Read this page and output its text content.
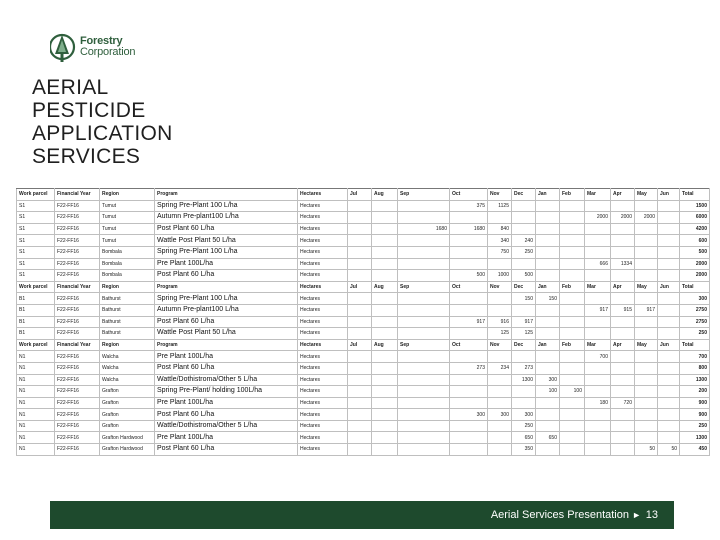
Forestry
Corporation
AERIAL
PESTICIDE
APPLICATION
SERVICES
Work parcel	Financial Year	Region	Program	Hectares	Jul	Aug	Sep	Oct	Nov	Dec	Jan	Feb	Mar	Apr	May	Jun	Total
S1	F22-FF16	Tumut	Spring Pre-Plant 100 L/ha	Hectares				375	1125								1500
S1	F22-FF16	Tumut	Autumn Pre-plant100 L/ha	Hectares									2000	2000	2000		6000
S1	F22-FF16	Tumut	Post Plant 60 L/ha	Hectares			1680	1680	840								4200
S1	F22-FF16	Tumut	Wattle Post Plant 50 L/ha	Hectares					340	240							600
S1	F22-FF16	Bombala	Spring Pre-Plant 100 L/ha	Hectares					750	250							500
S1	F22-FF16	Bombala	Pre Plant 100L/ha	Hectares									666	1334			2000
S1	F22-FF16	Bombala	Post Plant 60 L/ha	Hectares				500	1000	500							2000
Work parcel	Financial Year	Region	Program	Hectares	Jul	Aug	Sep	Oct	Nov	Dec	Jan	Feb	Mar	Apr	May	Jun	Total
B1	F22-FF16	Bathurst	Spring Pre-Plant 100 L/ha	Hectares						150	150						300
B1	F22-FF16	Bathurst	Autumn Pre-plant100 L/ha	Hectares									917	915	917		2750
B1	F22-FF16	Bathurst	Post Plant 60 L/ha	Hectares				917	916	917							2750
B1	F22-FF16	Bathurst	Wattle Post Plant 50 L/ha	Hectares					125	125							250
Work parcel	Financial Year	Region	Program	Hectares	Jul	Aug	Sep	Oct	Nov	Dec	Jan	Feb	Mar	Apr	May	Jun	Total
N1	F22-FF16	Walcha	Pre Plant 100L/ha	Hectares									700				700
N1	F22-FF16	Walcha	Post Plant 60 L/ha	Hectares				273	234	273							800
N1	F22-FF16	Walcha	Wattle/Dothistroma/Other 5 L/ha	Hectares						1300	300						1300
N1	F22-FF16	Grafton	Spring Pre-Plant/ holding 100L/ha	Hectares							100	100					200
N1	F22-FF16	Grafton	Pre Plant 100L/ha	Hectares									180	720			900
N1	F22-FF16	Grafton	Post Plant 60 L/ha	Hectares				300	300	300							900
N1	F22-FF16	Grafton	Wattle/Dothistroma/Other 5 L/ha	Hectares						250							250
N1	F22-FF16	Grafton Hardwood	Pre Plant 100L/ha	Hectares						650	650						1300
N1	F22-FF16	Grafton Hardwood	Post Plant 60 L/ha	Hectares						350					50	50	450
Aerial Services Presentation ► 13
